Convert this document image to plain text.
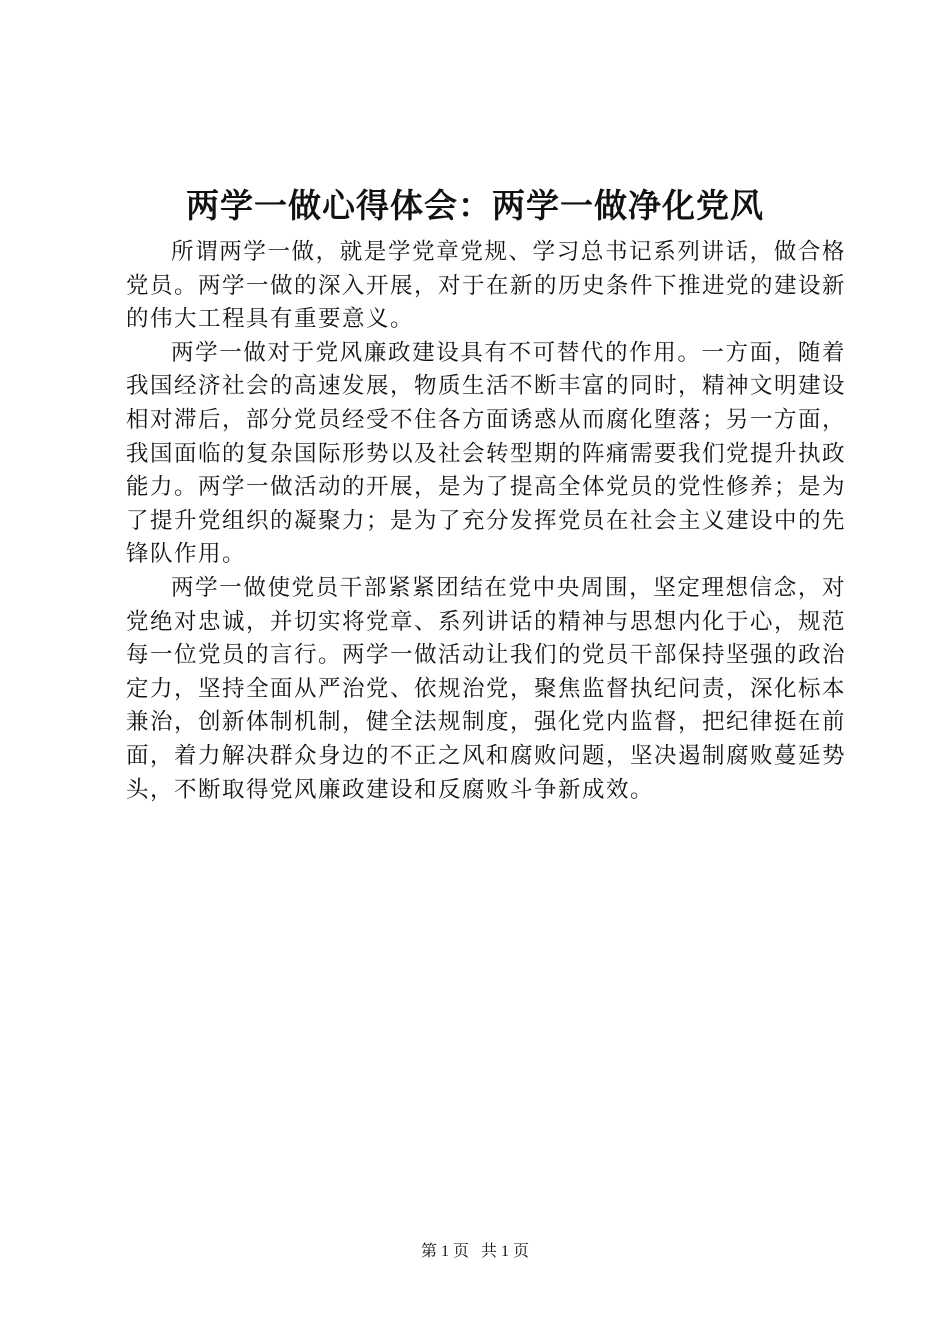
两学一做心得体会：两学一做净化党风

所谓两学一做，就是学党章党规、学习总书记系列讲话，做合格党员。两学一做的深入开展，对于在新的历史条件下推进党的建设新的伟大工程具有重要意义。

两学一做对于党风廉政建设具有不可替代的作用。一方面，随着我国经济社会的高速发展，物质生活不断丰富的同时，精神文明建设相对滞后，部分党员经受不住各方面诱惑从而腐化堕落；另一方面，我国面临的复杂国际形势以及社会转型期的阵痛需要我们党提升执政能力。两学一做活动的开展，是为了提高全体党员的党性修养；是为了提升党组织的凝聚力；是为了充分发挥党员在社会主义建设中的先锋队作用。

两学一做使党员干部紧紧团结在党中央周围，坚定理想信念，对党绝对忠诚，并切实将党章、系列讲话的精神与思想内化于心，规范每一位党员的言行。两学一做活动让我们的党员干部保持坚强的政治定力，坚持全面从严治党、依规治党，聚焦监督执纪问责，深化标本兼治，创新体制机制，健全法规制度，强化党内监督，把纪律挺在前面，着力解决群众身边的不正之风和腐败问题，坚决遏制腐败蔓延势头，不断取得党风廉政建设和反腐败斗争新成效。

第 1 页 共 1 页
